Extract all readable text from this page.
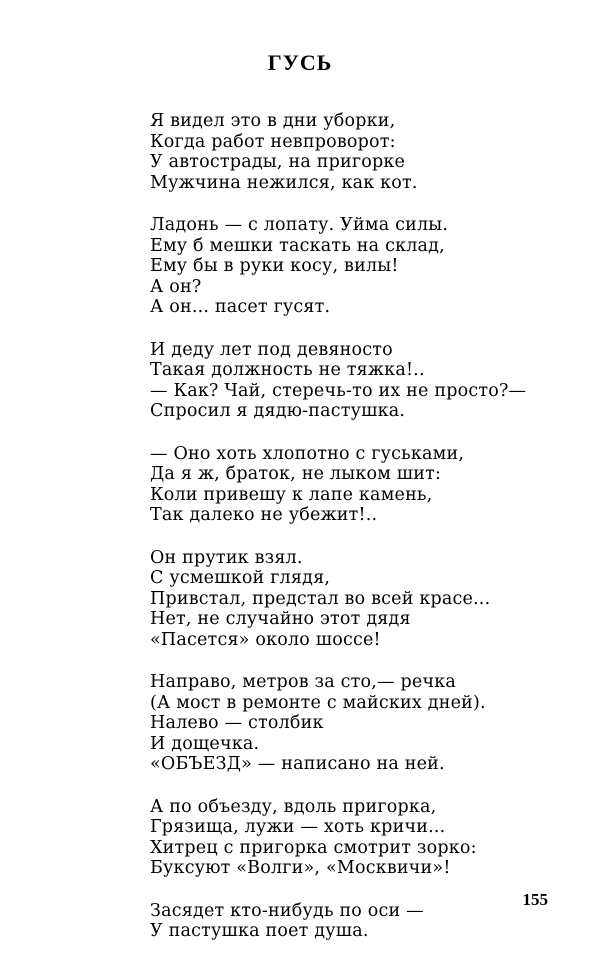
ГУСЬ
Я видел это в дни уборки,
Когда работ невпроворот:
У автострады, на пригорке
Мужчина нежился, как кот.
Ладонь — с лопату. Уйма силы.
Ему б мешки таскать на склад,
Ему бы в руки косу, вилы!
А он?
А он... пасет гусят.
И деду лет под девяносто
Такая должность не тяжка!..
— Как? Чай, стеречь-то их не просто?—
Спросил я дядю-пастушка.
— Оно хоть хлопотно с гуськами,
Да я ж, браток, не лыком шит:
Коли привешу к лапе камень,
Так далеко не убежит!..
Он прутик взял.
С усмешкой глядя,
Привстал, предстал во всей красе...
Нет, не случайно этот дядя
«Пасется» около шоссе!
Направо, метров за сто,— речка
(А мост в ремонте с майских дней).
Налево — столбик
И дощечка.
«ОБЪЕЗД» — написано на ней.
А по объезду, вдоль пригорка,
Грязища, лужи — хоть кричи...
Хитрец с пригорка смотрит зорко:
Буксуют «Волги», «Москвичи»!
Засядет кто-нибудь по оси —
У пастушка поет душа.
155
